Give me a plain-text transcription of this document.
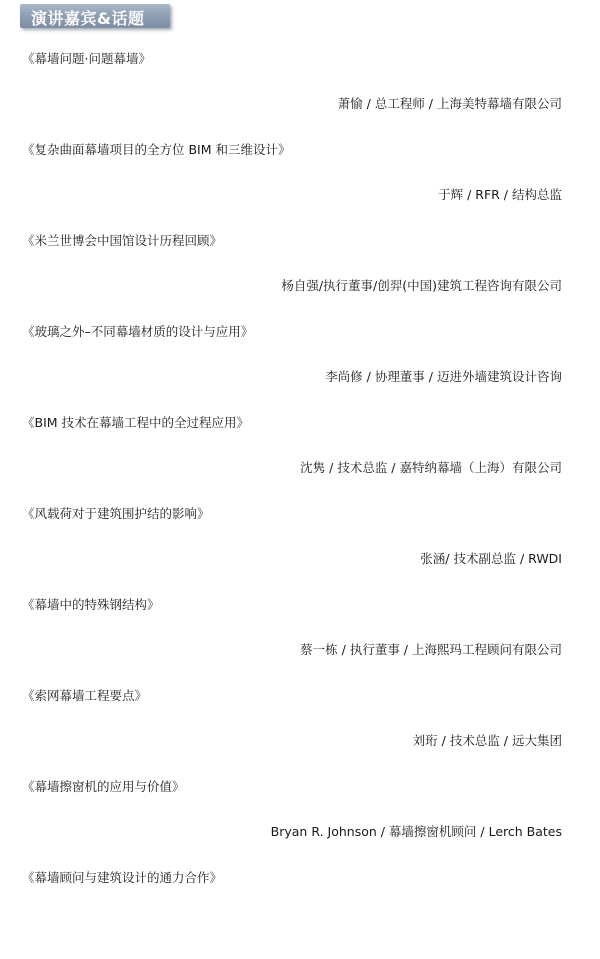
演讲嘉宾&话题
《幕墙问题·问题幕墙》
萧愉 / 总工程师 / 上海美特幕墙有限公司
《复杂曲面幕墙项目的全方位 BIM 和三维设计》
于辉 / RFR / 结构总监
《米兰世博会中国馆设计历程回顾》
杨自强/执行董事/创羿(中国)建筑工程咨询有限公司
《玻璃之外–不同幕墙材质的设计与应用》
李尚修 / 协理董事 / 迈进外墙建筑设计咨询
《BIM 技术在幕墙工程中的全过程应用》
沈隽 / 技术总监 / 嘉特纳幕墙（上海）有限公司
《风载荷对于建筑围护结的影响》
张涵/ 技术副总监 / RWDI
《幕墙中的特殊钢结构》
蔡一栋 / 执行董事 / 上海熙玛工程顾问有限公司
《索网幕墙工程要点》
刘珩 / 技术总监 / 远大集团
《幕墙擦窗机的应用与价值》
Bryan R. Johnson / 幕墙擦窗机顾问 / Lerch Bates
《幕墙顾问与建筑设计的通力合作》
